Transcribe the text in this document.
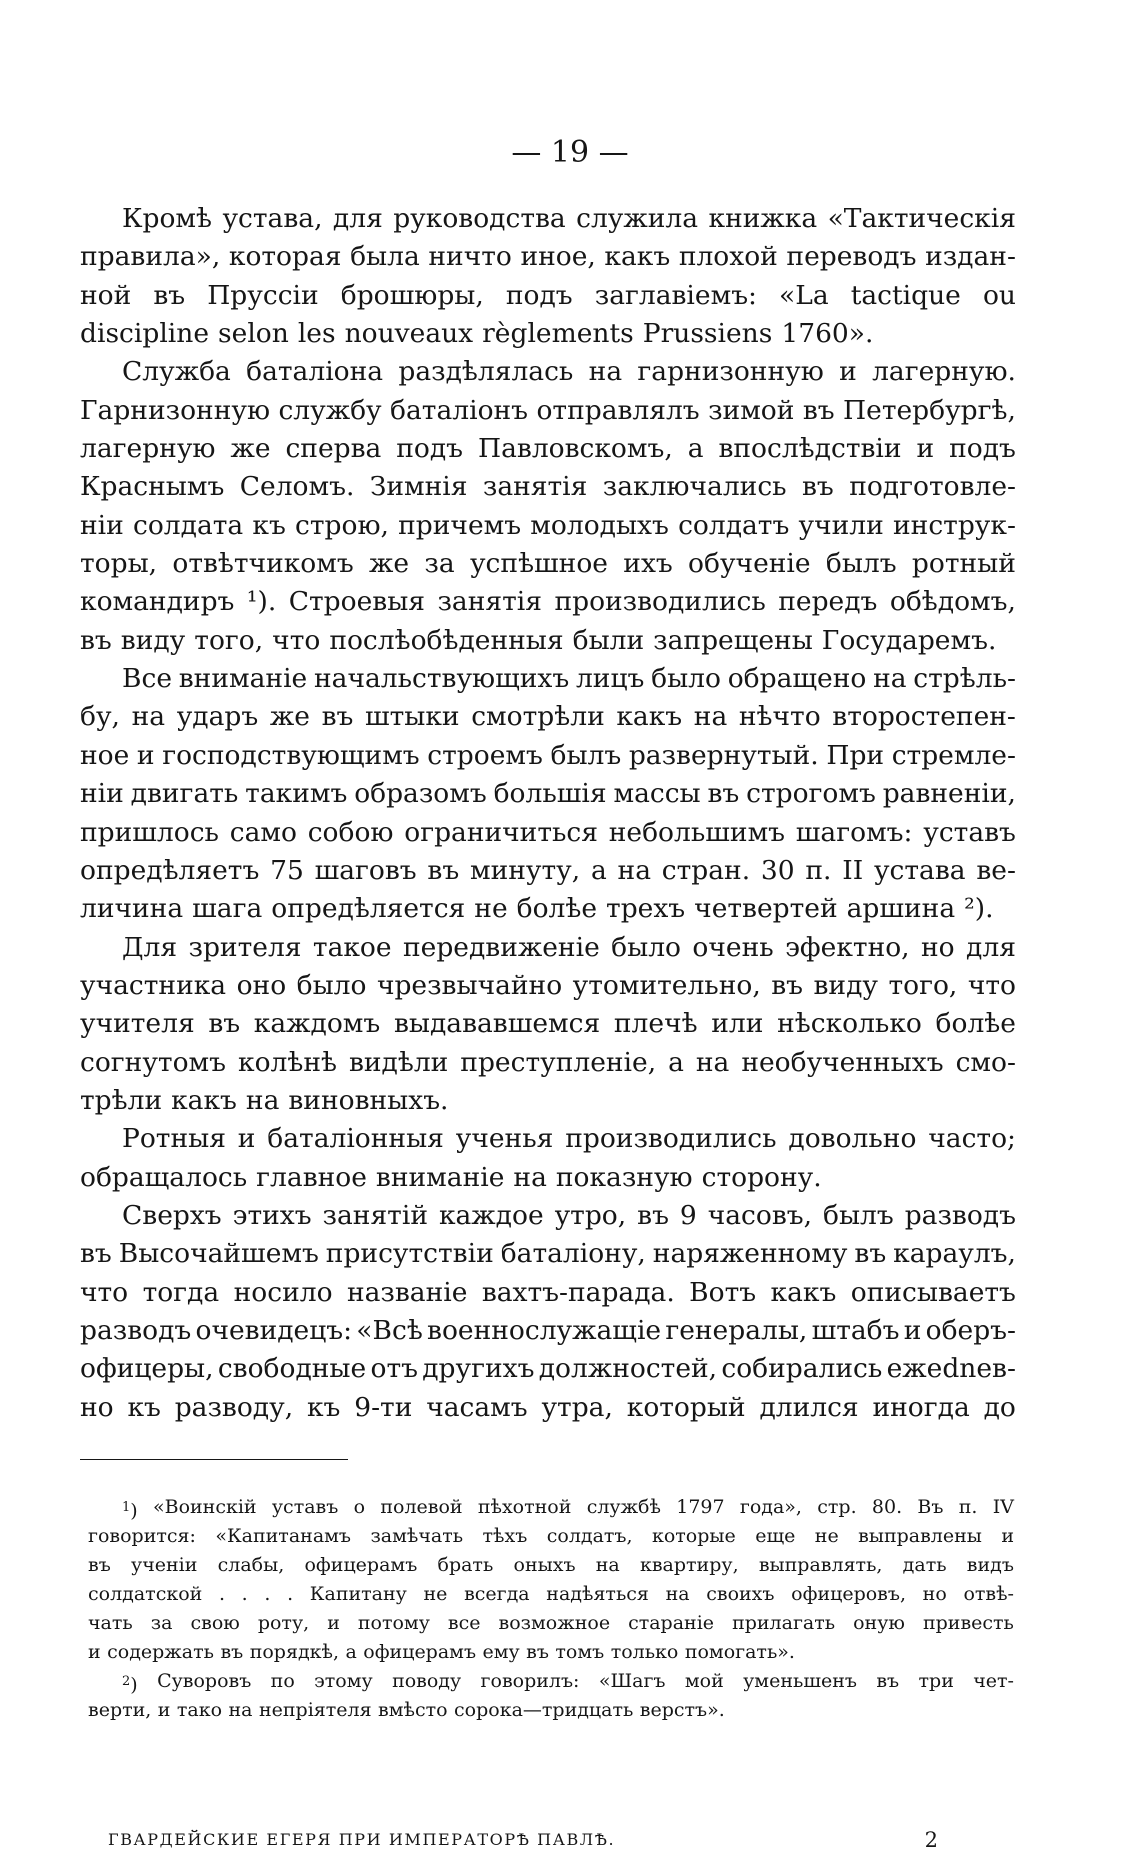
— 19 —
Кромѣ устава, для руководства служила книжка «Тактическія
правила», которая была ничто иное, какъ плохой переводъ издан-
ной въ Пруссіи брошюры, подъ заглавіемъ: «La tactique ou
discipline selon les nouveaux règlements Prussiens 1760».
Служба баталіона раздѣлялась на гарнизонную и лагерную.
Гарнизонную службу баталіонъ отправлялъ зимой въ Петербургѣ,
лагерную же сперва подъ Павловскомъ, а впослѣдствіи и подъ
Краснымъ Селомъ. Зимнія занятія заключались въ подготовле-
ніи солдата къ строю, причемъ молодыхъ солдатъ учили инструк-
торы, отвѣтчикомъ же за успѣшное ихъ обученіе былъ ротный
командиръ ¹). Строевыя занятія производились передъ обѣдомъ,
въ виду того, что послѣобѣденныя были запрещены Государемъ.
Все вниманіе начальствующихъ лицъ было обращено на стрѣль-
бу, на ударъ же въ штыки смотрѣли какъ на нѣчто второстепен-
ное и господствующимъ строемъ былъ развернутый. При стремле-
ніи двигать такимъ образомъ большія массы въ строгомъ равненіи,
пришлось само собою ограничиться небольшимъ шагомъ: уставъ
опредѣляетъ 75 шаговъ въ минуту, а на стран. 30 п. II устава ве-
личина шага опредѣляется не болѣе трехъ четвертей аршина ²).
Для зрителя такое передвиженіе было очень эфектно, но для
участника оно было чрезвычайно утомительно, въ виду того, что
учителя въ каждомъ выдававшемся плечѣ или нѣсколько болѣе
согнутомъ колѣнѣ видѣли преступленіе, а на необученныхъ смо-
трѣли какъ на виновныхъ.
Ротныя и баталіонныя ученья производились довольно часто;
обращалось главное вниманіе на показную сторону.
Сверхъ этихъ занятій каждое утро, въ 9 часовъ, былъ разводъ
въ Высочайшемъ присутствіи баталіону, наряженному въ караулъ,
что тогда носило названіе вахтъ-парада. Вотъ какъ описываетъ
разводъ очевидецъ: «Всѣ военнослужащіе генералы, штабъ и оберъ-
офицеры, свободные отъ другихъ должностей, собирались ежednев-
но къ разводу, къ 9-ти часамъ утра, который длился иногда до
$^1$) «Воинскій уставъ о полевой пѣхотной службѣ 1797 года», стр. 80. Въ п. IV
говорится: «Капитанамъ замѣчать тѣхъ солдатъ, которые еще не выправлены и
въ ученіи слабы, офицерамъ брать оныхъ на квартиру, выправлять, дать видъ
солдатской . . . . Капитану не всегда надѣяться на своихъ офицеровъ, но отвѣ-
чать за свою роту, и потому все возможное стараніе прилагать оную привесть
и содержать въ порядкѣ, а офицерамъ ему въ томъ только помогать».
$^2$) Суворовъ по этому поводу говорилъ: «Шагъ мой уменьшенъ въ три чет-
верти, и тако на непріятеля вмѣсто сорока—тридцать верстъ».
ГВАРДЕЙСКИЕ ЕГЕРЯ ПРИ ИМПЕРАТОРѢ ПАВЛѢ.	2
